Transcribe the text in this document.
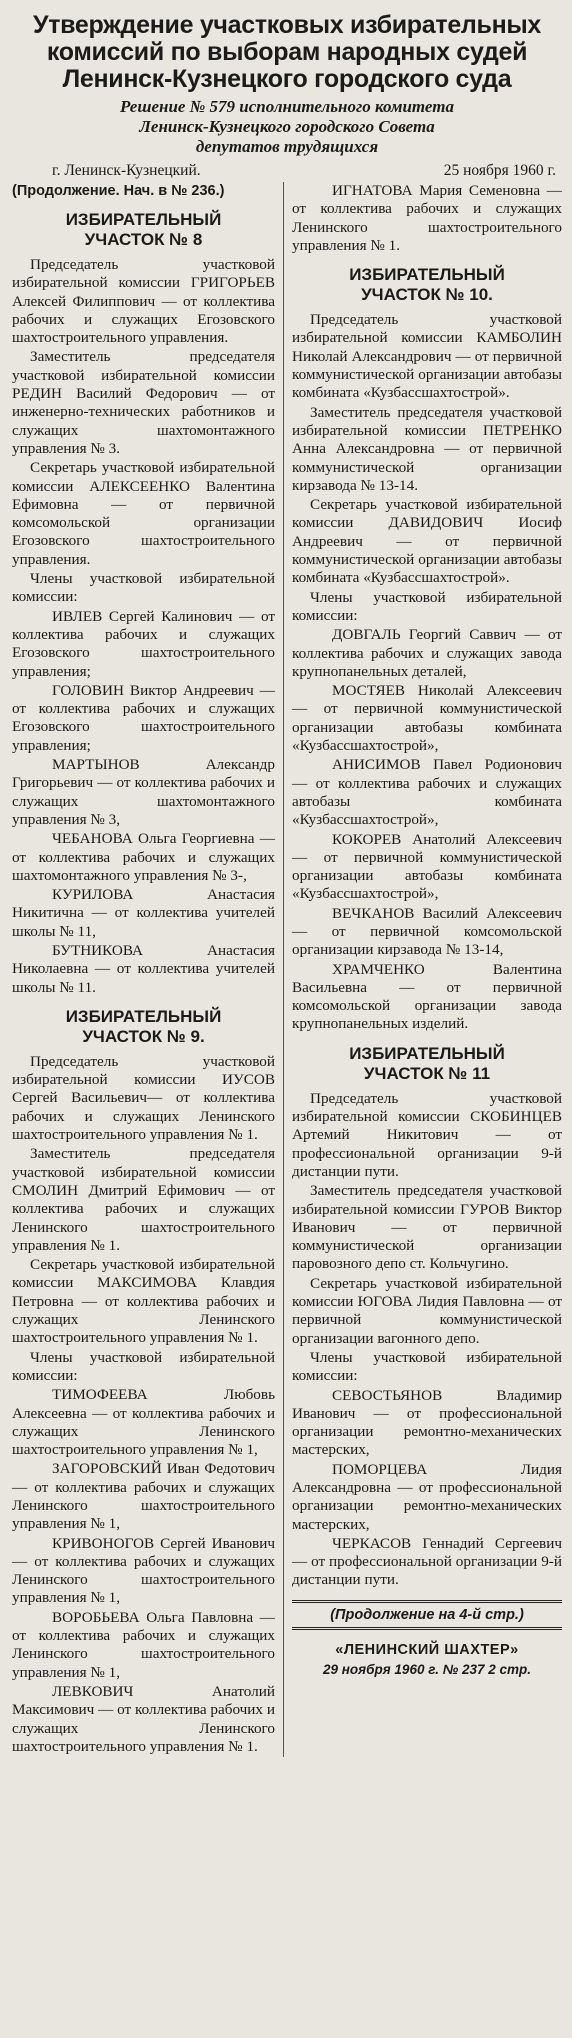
Утверждение участковых избирательных
комиссий по выборам народных судей
Ленинск-Кузнецкого городского суда
Решение № 579 исполнительного комитета
Ленинск-Кузнецкого городского Совета
депутатов трудящихся
г. Ленинск-Кузнецкий.	25 ноября 1960 г.
(Продолжение. Нач. в № 236.)
ИЗБИРАТЕЛЬНЫЙ
УЧАСТОК № 8

Председатель участковой избирательной комиссии ГРИГОРЬЕВ Алексей Филиппович — от коллектива рабочих и служащих Егозовского шахтостроительного управления.

Заместитель председателя участковой избирательной комиссии РЕДИН Василий Федорович — от инженерно-технических работников и служащих шахтомонтажного управления № 3.

Секретарь участковой избирательной комиссии АЛЕКСЕЕНКО Валентина Ефимовна — от первичной комсомольской организации Егозовского шахтостроительного управления.

Члены участковой избирательной комиссии:

ИВЛЕВ Сергей Калинович — от коллектива рабочих и служащих Егозовского шахтостроительного управления;

ГОЛОВИН Виктор Андреевич — от коллектива рабочих и служащих Егозовского шахтостроительного управления;

МАРТЫНОВ Александр Григорьевич — от коллектива рабочих и служащих шахтомонтажного управления № 3,

ЧЕБАНОВА Ольга Георгиевна — от коллектива рабочих и служащих шахтомонтажного управления № 3-,

КУРИЛОВА Анастасия Никитична — от коллектива учителей школы № 11,

БУТНИКОВА Анастасия Николаевна — от коллектива учителей школы № 11.

ИЗБИРАТЕЛЬНЫЙ
УЧАСТОК № 9.

Председатель участковой избирательной комиссии ИУСОВ Сергей Васильевич— от коллектива рабочих и служащих Ленинского шахтостроительного управления № 1.

Заместитель председателя участковой избирательной комиссии СМОЛИН Дмитрий Ефимович — от коллектива рабочих и служащих Ленинского шахтостроительного управления № 1.

Секретарь участковой избирательной комиссии МАКСИМОВА Клавдия Петровна — от коллектива рабочих и служащих Ленинского шахтостроительного управления № 1.

Члены участковой избирательной комиссии:

ТИМОФЕЕВА Любовь Алексеевна — от коллектива рабочих и служащих Ленинского шахтостроительного управления № 1,

ЗАГОРОВСКИЙ Иван Федотович — от коллектива рабочих и служащих Ленинского шахтостроительного управления № 1,

КРИВОНОГОВ Сергей Иванович — от коллектива рабочих и служащих Ленинского шахтостроительного управления № 1,

ВОРОБЬЕВА Ольга Павловна — от коллектива рабочих и служащих Ленинского шахтостроительного управления № 1,

ЛЕВКОВИЧ Анатолий Максимович — от коллектива рабочих и служащих Ленинского шахтостроительного управления № 1.

ИГНАТОВА Мария Семеновна — от коллектива рабочих и служащих Ленинского шахтостроительного управления № 1.

ИЗБИРАТЕЛЬНЫЙ
УЧАСТОК № 10.

Председатель участковой избирательной комиссии КАМБОЛИН Николай Александрович — от первичной коммунистической организации автобазы комбината «Кузбассшахтострой».

Заместитель председателя участковой избирательной комиссии ПЕТРЕНКО Анна Александровна — от первичной коммунистической организации кирзавода № 13-14.

Секретарь участковой избирательной комиссии ДАВИДОВИЧ Иосиф Андреевич — от первичной коммунистической организации автобазы комбината «Кузбассшахтострой».

Члены участковой избирательной комиссии:

ДОВГАЛЬ Георгий Саввич — от коллектива рабочих и служащих завода крупнопанельных деталей,

МОСТЯЕВ Николай Алексеевич — от первичной коммунистической организации автобазы комбината «Кузбассшахтострой»,

АНИСИМОВ Павел Родионович — от коллектива рабочих и служащих автобазы комбината «Кузбассшахтострой»,

КОКОРЕВ Анатолий Алексеевич — от первичной коммунистической организации автобазы комбината «Кузбассшахтострой»,

ВЕЧКАНОВ Василий Алексеевич — от первичной комсомольской организации кирзавода № 13-14,

ХРАМЧЕНКО Валентина Васильевна — от первичной комсомольской организации завода крупнопанельных изделий.

ИЗБИРАТЕЛЬНЫЙ
УЧАСТОК № 11

Председатель участковой избирательной комиссии СКОБИНЦЕВ Артемий Никитович — от профессиональной организации 9-й дистанции пути.

Заместитель председателя участковой избирательной комиссии ГУРОВ Виктор Иванович — от первичной коммунистической организации паровозного депо ст. Кольчугино.

Секретарь участковой избирательной комиссии ЮГОВА Лидия Павловна — от первичной коммунистической организации вагонного депо.

Члены участковой избирательной комиссии:

СЕВОСТЬЯНОВ Владимир Иванович — от профессиональной организации ремонтно-механических мастерских,

ПОМОРЦЕВА Лидия Александровна — от профессиональной организации ремонтно-механических мастерских,

ЧЕРКАСОВ Геннадий Сергеевич — от профессиональной организации 9-й дистанции пути.

(Продолжение на 4-й стр.)
«ЛЕНИНСКИЙ ШАХТЕР»
29 ноября 1960 г. № 237 2 стр.
